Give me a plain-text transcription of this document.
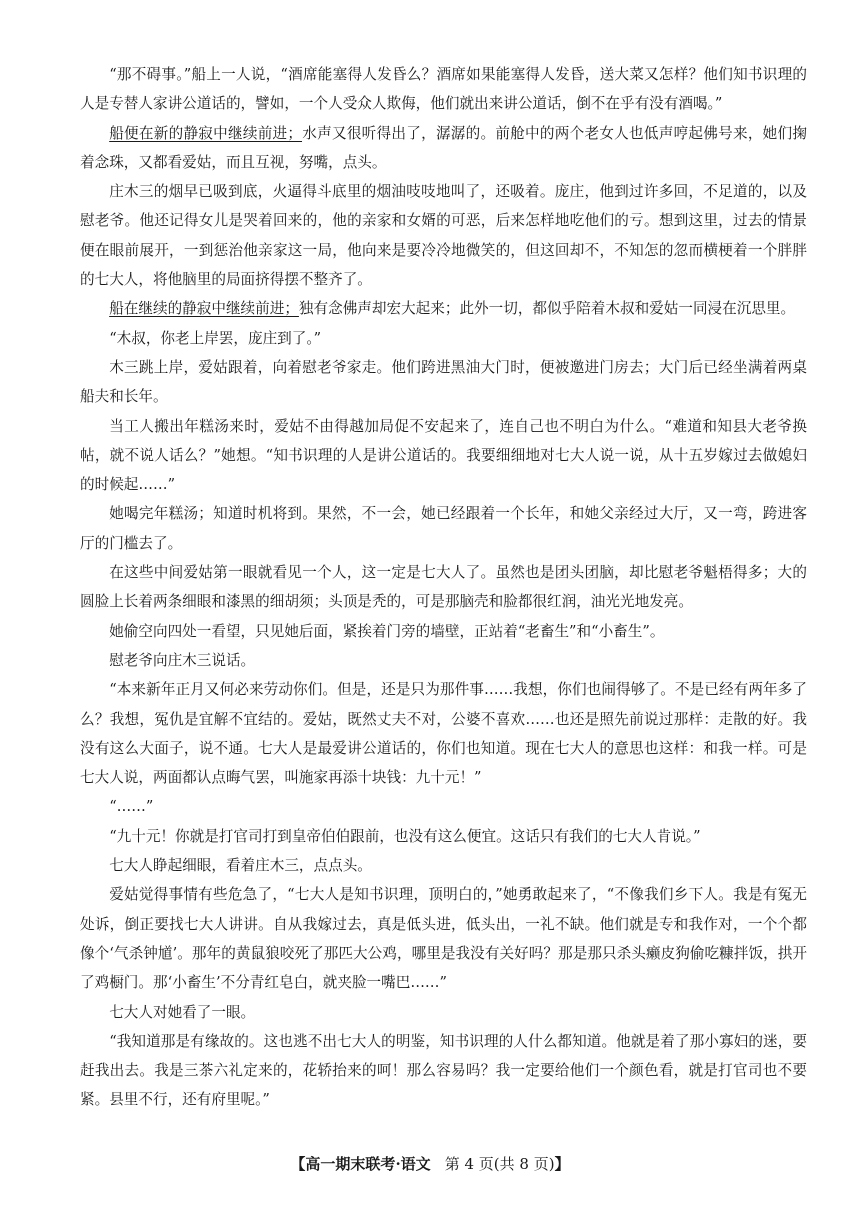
“那不碍事。”船上一人说，“酒席能塞得人发昏么？酒席如果能塞得人发昏，送大菜又怎样？他们知书识理的人是专替人家讲公道话的，譬如，一个人受众人欺侮，他们就出来讲公道话，倒不在乎有没有酒喝。”

船便在新的静寂中继续前进；水声又很听得出了，潺潺的。前舱中的两个老女人也低声哼起佛号来，她们掬着念珠，又都看爱姑，而且互视，努嘴，点头。

庄木三的烟早已吸到底，火逼得斗底里的烟油吱吱地叫了，还吸着。庞庄，他到过许多回，不足道的，以及慰老爷。他还记得女儿是哭着回来的，他的亲家和女婿的可恶，后来怎样地吃他们的亏。想到这里，过去的情景便在眼前展开，一到惩治他亲家这一局，他向来是要冷冷地微笑的，但这回却不，不知怎的忽而横梗着一个胖胖的七大人，将他脑里的局面挤得摆不整齐了。

船在继续的静寂中继续前进；独有念佛声却宏大起来；此外一切，都似乎陪着木叔和爱姑一同浸在沉思里。

“木叔，你老上岸罢，庞庄到了。”

木三跳上岸，爱姑跟着，向着慰老爷家走。他们跨进黑油大门时，便被邀进门房去；大门后已经坐满着两桌船夫和长年。

当工人搬出年糕汤来时，爱姑不由得越加局促不安起来了，连自己也不明白为什么。“难道和知县大老爷换帖，就不说人话么？”她想。“知书识理的人是讲公道话的。我要细细地对七大人说一说，从十五岁嫁过去做媳妇的时候起……”

她喝完年糕汤；知道时机将到。果然，不一会，她已经跟着一个长年，和她父亲经过大厅，又一弯，跨进客厅的门槛去了。

在这些中间爱姑第一眼就看见一个人，这一定是七大人了。虽然也是团头团脑，却比慰老爷魁梧得多；大的圆脸上长着两条细眼和漆黑的细胡须；头顶是秃的，可是那脑壳和脸都很红润，油光光地发亮。

她偷空向四处一看望，只见她后面，紧挨着门旁的墙壁，正站着“老畜生”和“小畜生”。

慰老爷向庄木三说话。

“本来新年正月又何必来劳动你们。但是，还是只为那件事……我想，你们也闹得够了。不是已经有两年多了么？我想，冤仇是宜解不宜结的。爱姑，既然丈夫不对，公婆不喜欢……也还是照先前说过那样：走散的好。我没有这么大面子，说不通。七大人是最爱讲公道话的，你们也知道。现在七大人的意思也这样：和我一样。可是七大人说，两面都认点晦气罢，叫施家再添十块钱：九十元！”

“……”

“九十元！你就是打官司打到皇帝伯伯跟前，也没有这么便宜。这话只有我们的七大人肯说。”

七大人睁起细眼，看着庄木三，点点头。

爱姑觉得事情有些危急了，“七大人是知书识理，顶明白的，”她勇敢起来了，“不像我们乡下人。我是有冤无处诉，倒正要找七大人讲讲。自从我嫁过去，真是低头进，低头出，一礼不缺。他们就是专和我作对，一个个都像个‘气杀钟馗’。那年的黄鼠狼咬死了那匹大公鸡，哪里是我没有关好吗？那是那只杀头癞皮狗偷吃糠拌饭，拱开了鸡橱门。那‘小畜生’不分青红皂白，就夹脸一嘴巴……”

七大人对她看了一眼。

“我知道那是有缘故的。这也逃不出七大人的明鉴，知书识理的人什么都知道。他就是着了那小寡妇的迷，要赶我出去。我是三茶六礼定来的，花轿抬来的呵！那么容易吗？我一定要给他们一个颜色看，就是打官司也不要紧。县里不行，还有府里呢。”

【高一期末联考·语文 第 4 页(共 8 页)】
